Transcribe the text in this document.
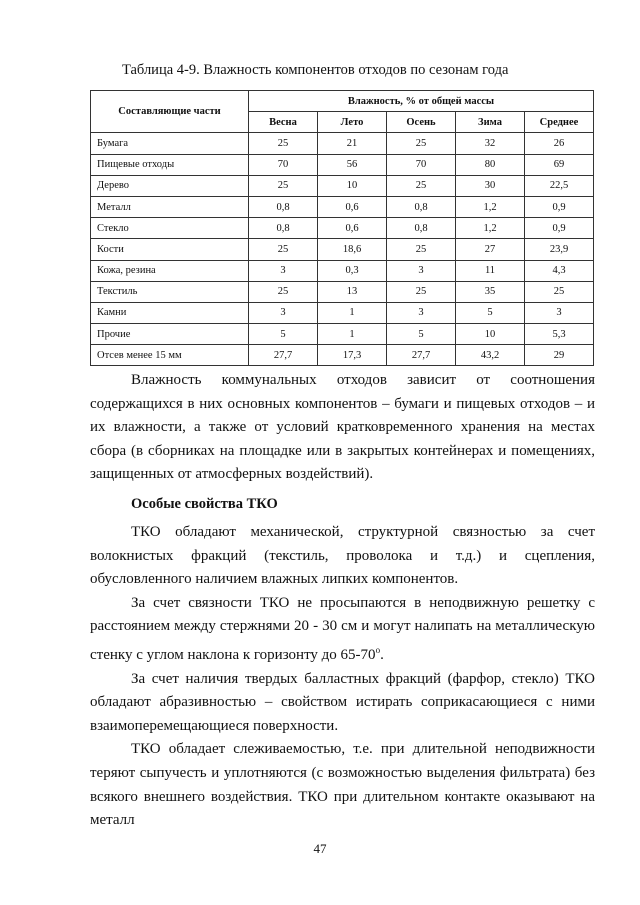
Таблица 4-9. Влажность компонентов отходов по сезонам года
Составляющие части	Влажность, % от общей массы				
	Весна	Лето	Осень	Зима	Среднее
Бумага	25	21	25	32	26
Пищевые отходы	70	56	70	80	69
Дерево	25	10	25	30	22,5
Металл	0,8	0,6	0,8	1,2	0,9
Стекло	0,8	0,6	0,8	1,2	0,9
Кости	25	18,6	25	27	23,9
Кожа, резина	3	0,3	3	11	4,3
Текстиль	25	13	25	35	25
Камни	3	1	3	5	3
Прочие	5	1	5	10	5,3
Отсев менее 15 мм	27,7	17,3	27,7	43,2	29

Влажность коммунальных отходов зависит от соотношения содержащихся в них основных компонентов – бумаги и пищевых отходов – и их влажности, а также от условий кратковременного хранения на местах сбора (в сборниках на площадке или в закрытых контейнерах и помещениях, защищенных от атмосферных воздействий).

Особые свойства ТКО

ТКО обладают механической, структурной связностью за счет волокнистых фракций (текстиль, проволока и т.д.) и сцепления, обусловленного наличием влажных липких компонентов.

За счет связности ТКО не просыпаются в неподвижную решетку с расстоянием между стержнями 20 - 30 см и могут налипать на металлическую стенку с углом наклона к горизонту до $65-70^о$.

За счет наличия твердых балластных фракций (фарфор, стекло) ТКО обладают абразивностью – свойством истирать соприкасающиеся с ними взаимоперемещающиеся поверхности.

ТКО обладает слеживаемостью, т.е. при длительной неподвижности теряют сыпучесть и уплотняются (с возможностью выделения фильтрата) без всякого внешнего воздействия. ТКО при длительном контакте оказывают на металл

47
